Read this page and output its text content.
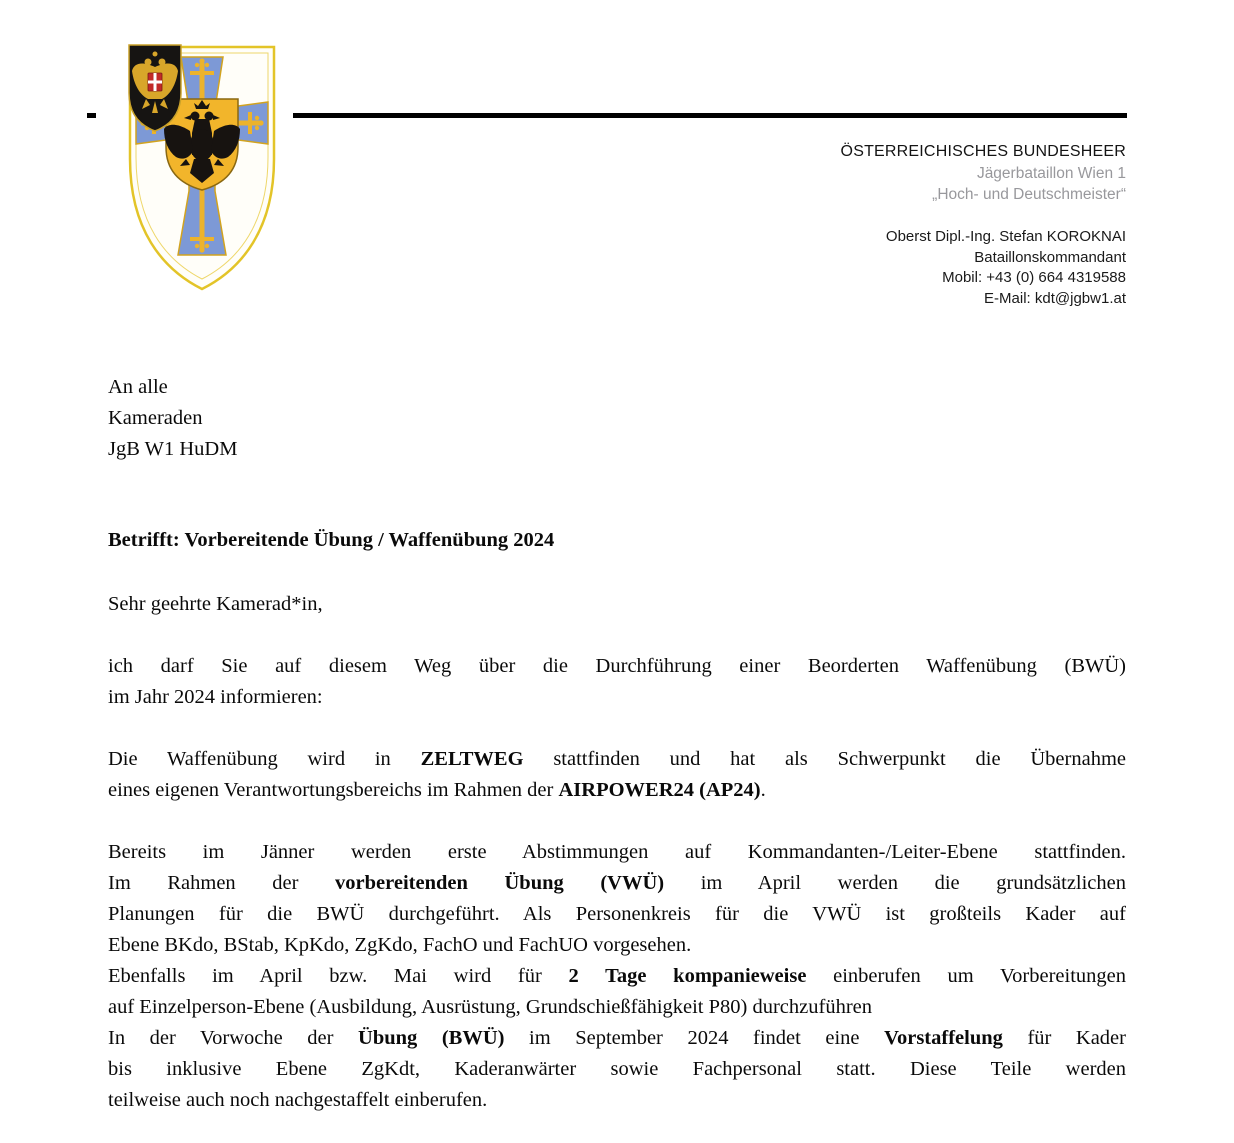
ÖSTERREICHISCHES BUNDESHEER
Jägerbataillon Wien 1
„Hoch- und Deutschmeister“
Oberst Dipl.-Ing. Stefan KOROKNAI
Bataillonskommandant
Mobil: +43 (0) 664 4319588
E-Mail: kdt@jgbw1.at
An alle
Kameraden
JgB W1 HuDM
Betrifft: Vorbereitende Übung / Waffenübung 2024
Sehr geehrte Kamerad*in,
ich darf Sie auf diesem Weg über die Durchführung einer Beorderten Waffenübung (BWÜ)
im Jahr 2024 informieren:
Die Waffenübung wird in ZELTWEG stattfinden und hat als Schwerpunkt die Übernahme
eines eigenen Verantwortungsbereichs im Rahmen der AIRPOWER24 (AP24).
Bereits im Jänner werden erste Abstimmungen auf Kommandanten-/Leiter-Ebene stattfinden.
Im Rahmen der vorbereitenden Übung (VWÜ) im April werden die grundsätzlichen
Planungen für die BWÜ durchgeführt. Als Personenkreis für die VWÜ ist großteils Kader auf
Ebene BKdo, BStab, KpKdo, ZgKdo, FachO und FachUO vorgesehen.
Ebenfalls im April bzw. Mai wird für 2 Tage kompanieweise einberufen um Vorbereitungen
auf Einzelperson-Ebene (Ausbildung, Ausrüstung, Grundschießfähigkeit P80) durchzuführen
In der Vorwoche der Übung (BWÜ) im September 2024 findet eine Vorstaffelung für Kader
bis inklusive Ebene ZgKdt, Kaderanwärter sowie Fachpersonal statt. Diese Teile werden
teilweise auch noch nachgestaffelt einberufen.
